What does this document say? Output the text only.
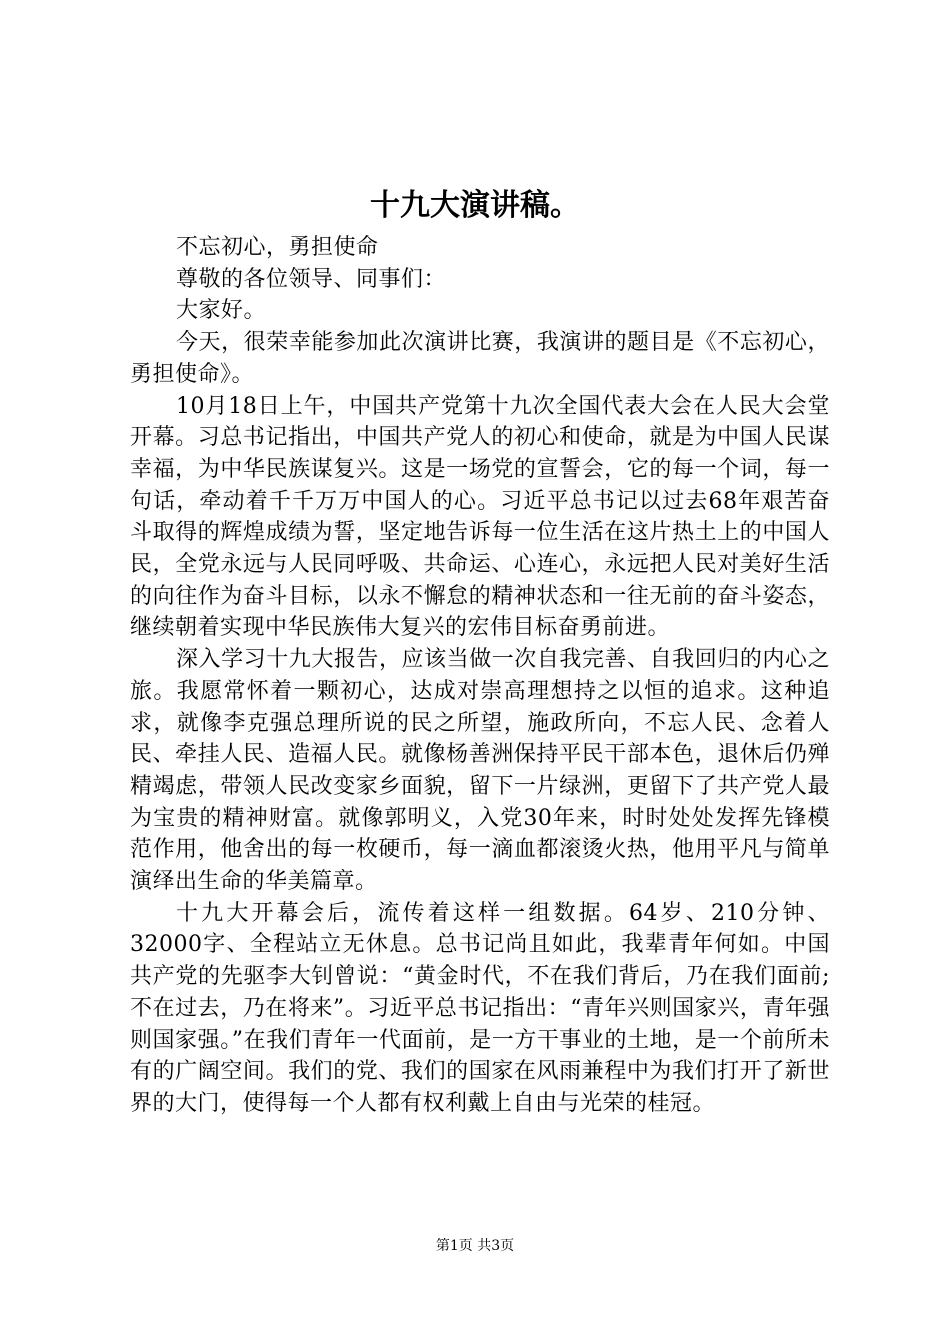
十九大演讲稿。

不忘初心，勇担使命

尊敬的各位领导、同事们：

大家好。

今天，很荣幸能参加此次演讲比赛，我演讲的题目是《不忘初心，勇担使命》。

10月18日上午，中国共产党第十九次全国代表大会在人民大会堂开幕。习总书记指出，中国共产党人的初心和使命，就是为中国人民谋幸福，为中华民族谋复兴。这是一场党的宣誓会，它的每一个词，每一句话，牵动着千千万万中国人的心。习近平总书记以过去68年艰苦奋斗取得的辉煌成绩为誓，坚定地告诉每一位生活在这片热土上的中国人民，全党永远与人民同呼吸、共命运、心连心，永远把人民对美好生活的向往作为奋斗目标，以永不懈怠的精神状态和一往无前的奋斗姿态，继续朝着实现中华民族伟大复兴的宏伟目标奋勇前进。

深入学习十九大报告，应该当做一次自我完善、自我回归的内心之旅。我愿常怀着一颗初心，达成对崇高理想持之以恒的追求。这种追求，就像李克强总理所说的民之所望，施政所向，不忘人民、念着人民、牵挂人民、造福人民。就像杨善洲保持平民干部本色，退休后仍殚精竭虑，带领人民改变家乡面貌，留下一片绿洲，更留下了共产党人最为宝贵的精神财富。就像郭明义，入党30年来，时时处处发挥先锋模范作用，他舍出的每一枚硬币，每一滴血都滚烫火热，他用平凡与简单演绎出生命的华美篇章。

十九大开幕会后，流传着这样一组数据。64岁、210分钟、32000字、全程站立无休息。总书记尚且如此，我辈青年何如。中国共产党的先驱李大钊曾说：“黄金时代，不在我们背后，乃在我们面前;不在过去，乃在将来”。习近平总书记指出：“青年兴则国家兴，青年强则国家强。”在我们青年一代面前，是一方干事业的土地，是一个前所未有的广阔空间。我们的党、我们的国家在风雨兼程中为我们打开了新世界的大门，使得每一个人都有权利戴上自由与光荣的桂冠。

第1页 共3页
